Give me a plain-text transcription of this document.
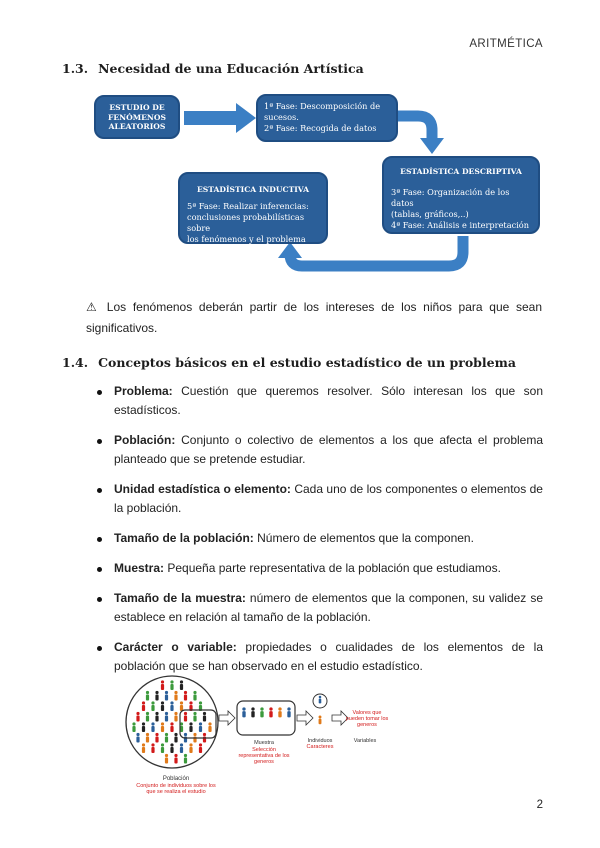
ARITMÉTICA
1.3. Necesidad de una Educación Artística
ESTUDIO DE
FENÓMENOS
ALEATORIOS
1ª Fase: Descomposición de
sucesos.
2ª Fase: Recogida de datos
ESTADÍSTICA DESCRIPTIVA
3ª Fase: Organización de los datos
(tablas, gráficos,..)
4ª Fase: Análisis e interpretación
ESTADÍSTICA INDUCTIVA
5ª Fase: Realizar inferencias:
conclusiones probabilísticas sobre
los fenómenos y el problema
⚠ Los fenómenos deberán partir de los intereses de los niños para que sean significativos.
1.4. Conceptos básicos en el estudio estadístico de un problema
Problema: Cuestión que queremos resolver. Sólo interesan los que son estadísticos.
Población: Conjunto o colectivo de elementos a los que afecta el problema planteado que se pretende estudiar.
Unidad estadística o elemento: Cada uno de los componentes o elementos de la población.
Tamaño de la población: Número de elementos que la componen.
Muestra: Pequeña parte representativa de la población que estudiamos.
Tamaño de la muestra: número de elementos que la componen, su validez se establece en relación al tamaño de la población.
Carácter o variable: propiedades o cualidades de los elementos de la población que se han observado en el estudio estadístico.
Población
Conjunto de individuos sobre los
que se realiza el estudio
Muestra
Selección
representativa de los
generos
Individuos
Caracteres
Valores que
pueden tomar los
generos
Variables
2
